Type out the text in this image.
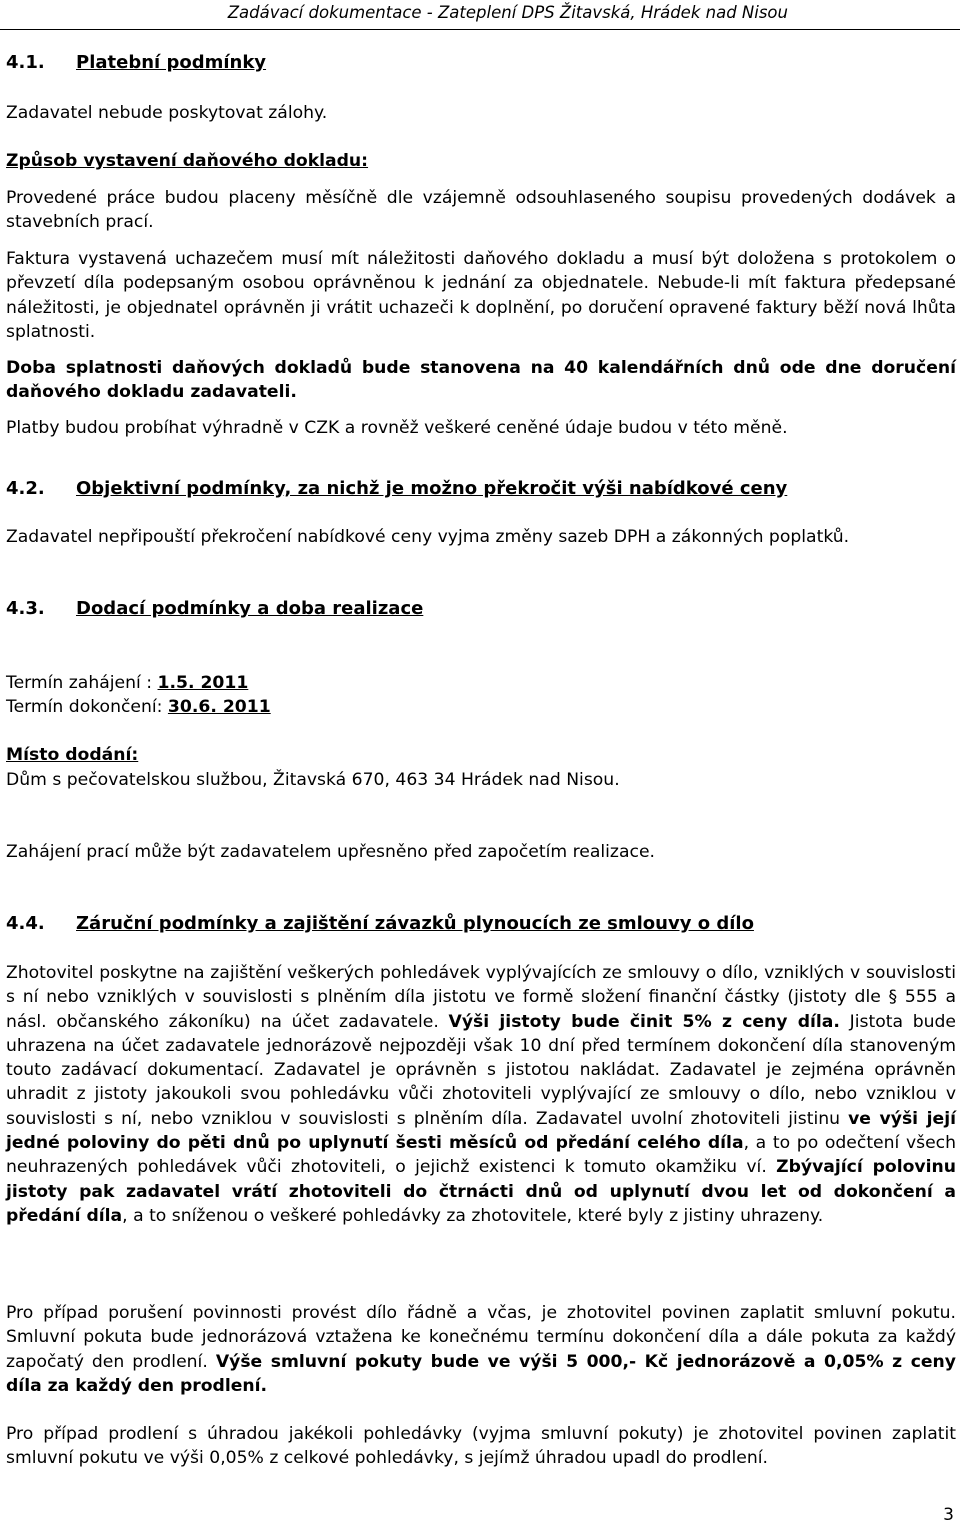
Zadávací dokumentace - Zateplení DPS Žitavská, Hrádek nad Nisou
4.1. Platební podmínky
Zadavatel nebude poskytovat zálohy.
Způsob vystavení daňového dokladu:
Provedené práce budou placeny měsíčně dle vzájemně odsouhlaseného soupisu provedených dodávek a stavebních prací.
Faktura vystavená uchazečem musí mít náležitosti daňového dokladu a musí být doložena s protokolem o převzetí díla podepsaným osobou oprávněnou k jednání za objednatele. Nebude-li mít faktura předepsané náležitosti, je objednatel oprávněn ji vrátit uchazeči k doplnění, po doručení opravené faktury běží nová lhůta splatnosti.
Doba splatnosti daňových dokladů bude stanovena na 40 kalendářních dnů ode dne doručení daňového dokladu zadavateli.
Platby budou probíhat výhradně v CZK a rovněž veškeré ceněné údaje budou v této měně.
4.2. Objektivní podmínky, za nichž je možno překročit výši nabídkové ceny
Zadavatel nepřipouští překročení nabídkové ceny vyjma změny sazeb DPH a zákonných poplatků.
4.3. Dodací podmínky a doba realizace
Termín zahájení : 1.5. 2011
Termín dokončení: 30.6. 2011
Místo dodání:
Dům s pečovatelskou službou, Žitavská 670, 463 34 Hrádek nad Nisou.
Zahájení prací může být zadavatelem upřesněno před započetím realizace.
4.4. Záruční podmínky a zajištění závazků plynoucích ze smlouvy o dílo
Zhotovitel poskytne na zajištění veškerých pohledávek vyplývajících ze smlouvy o dílo, vzniklých v souvislosti s ní nebo vzniklých v souvislosti s plněním díla jistotu ve formě složení finanční částky (jistoty dle § 555 a násl. občanského zákoníku) na účet zadavatele. Výši jistoty bude činit 5% z ceny díla. Jistota bude uhrazena na účet zadavatele jednorázově nejpozději však 10 dní před termínem dokončení díla stanoveným touto zadávací dokumentací. Zadavatel je oprávněn s jistotou nakládat. Zadavatel je zejména oprávněn uhradit z jistoty jakoukoli svou pohledávku vůči zhotoviteli vyplývající ze smlouvy o dílo, nebo vzniklou v souvislosti s ní, nebo vzniklou v souvislosti s plněním díla. Zadavatel uvolní zhotoviteli jistinu ve výši její jedné poloviny do pěti dnů po uplynutí šesti měsíců od předání celého díla, a to po odečtení všech neuhrazených pohledávek vůči zhotoviteli, o jejichž existenci k tomuto okamžiku ví. Zbývající polovinu jistoty pak zadavatel vrátí zhotoviteli do čtrnácti dnů od uplynutí dvou let od dokončení a předání díla, a to sníženou o veškeré pohledávky za zhotovitele, které byly z jistiny uhrazeny.
Pro případ porušení povinnosti provést dílo řádně a včas, je zhotovitel povinen zaplatit smluvní pokutu. Smluvní pokuta bude jednorázová vztažena ke konečnému termínu dokončení díla a dále pokuta za každý započatý den prodlení. Výše smluvní pokuty bude ve výši 5 000,- Kč jednorázově a 0,05% z ceny díla za každý den prodlení.
Pro případ prodlení s úhradou jakékoli pohledávky (vyjma smluvní pokuty) je zhotovitel povinen zaplatit smluvní pokutu ve výši 0,05% z celkové pohledávky, s jejímž úhradou upadl do prodlení.
3
